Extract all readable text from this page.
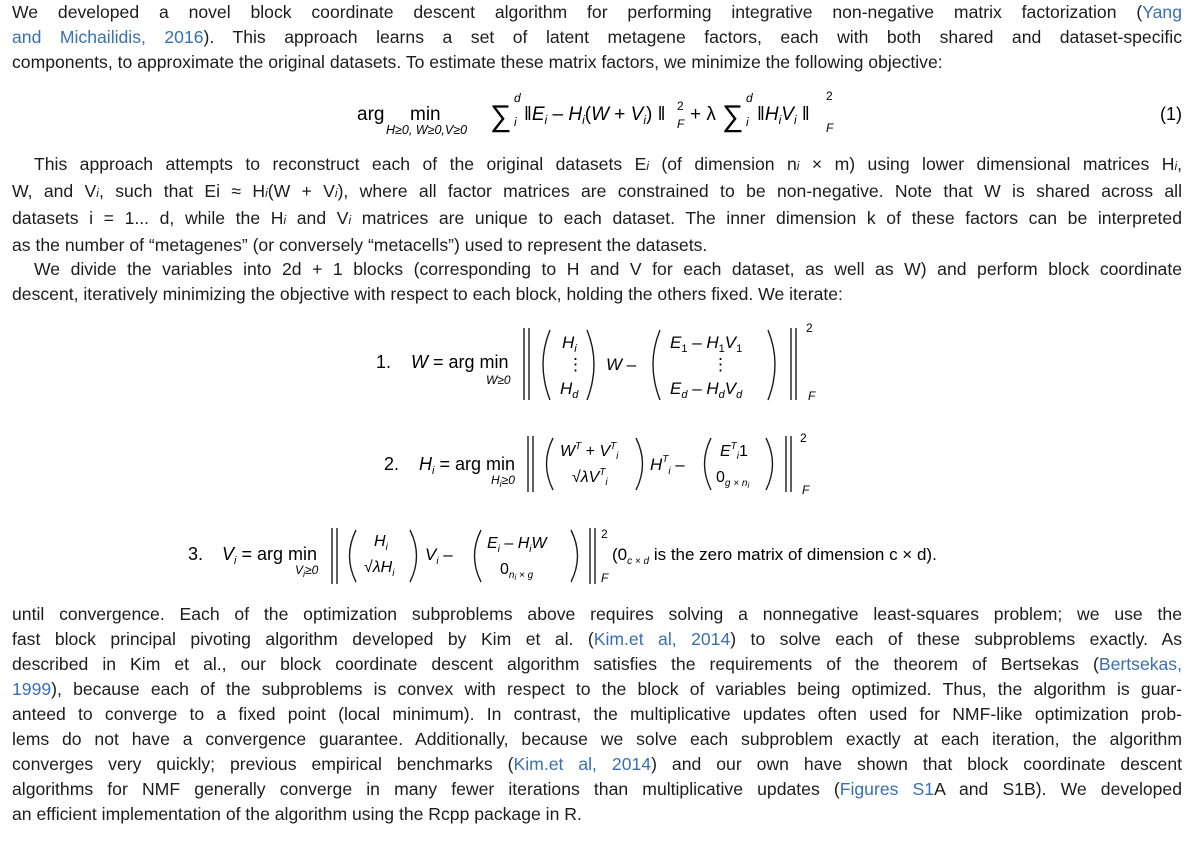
We developed a novel block coordinate descent algorithm for performing integrative non-negative matrix factorization (Yang
and Michailidis, 2016). This approach learns a set of latent metagene factors, each with both shared and dataset-specific
components, to approximate the original datasets. To estimate these matrix factors, we minimize the following objective:
arg min
H≥0, W≥0,V≥0 ∑
d
i $‖E_i - H_i(W + V_i)$ ‖ 2
F + λ ∑
d
i $‖H_iV_i$ ‖
2
F
(1)
This approach attempts to reconstruct each of the original datasets Ei (of dimension ni × m) using lower dimensional matrices Hi,
W, and Vi, such that Ei ≈ Hi(W + Vi), where all factor matrices are constrained to be non-negative. Note that W is shared across all
datasets i = 1... d, while the Hi and Vi matrices are unique to each dataset. The inner dimension k of these factors can be interpreted
as the number of “metagenes” (or conversely “metacells”) used to represent the datasets.
We divide the variables into 2d + 1 blocks (corresponding to H and V for each dataset, as well as W) and perform block coordinate
descent, iteratively minimizing the objective with respect to each block, holding the others fixed. We iterate:
1. W = arg min
W≥0
$H_i$
⋮
$H_d$
W –
$E_1 - H_1V_1$
⋮
$E_d - H_dV_d$
2
F
2. $H_i$ = arg min
$H_i\ge 0$
$W^T + V^T_i$
$√\lambda V^T_i$
$H^T_i$ –
$E^T_i1$
$0_{g \times n}i$
2
F
3. $V_i$ = arg min
$V_i\ge 0$
$H_i$
$√\lambda H_i$
$V_i$ –
$E_i - H_iW$
$0_ni \times g$
2
F
($0_{c \times d}$ is the zero matrix of dimension c × d).
until convergence. Each of the optimization subproblems above requires solving a nonnegative least-squares problem; we use the
fast block principal pivoting algorithm developed by Kim et al. (Kim.et al, 2014) to solve each of these subproblems exactly. As
described in Kim et al., our block coordinate descent algorithm satisfies the requirements of the theorem of Bertsekas (Bertsekas,
1999), because each of the subproblems is convex with respect to the block of variables being optimized. Thus, the algorithm is guar-
anteed to converge to a fixed point (local minimum). In contrast, the multiplicative updates often used for NMF-like optimization prob-
lems do not have a convergence guarantee. Additionally, because we solve each subproblem exactly at each iteration, the algorithm
converges very quickly; previous empirical benchmarks (Kim.et al, 2014) and our own have shown that block coordinate descent
algorithms for NMF generally converge in many fewer iterations than multiplicative updates (Figures S1A and S1B). We developed
an efficient implementation of the algorithm using the Rcpp package in R.
